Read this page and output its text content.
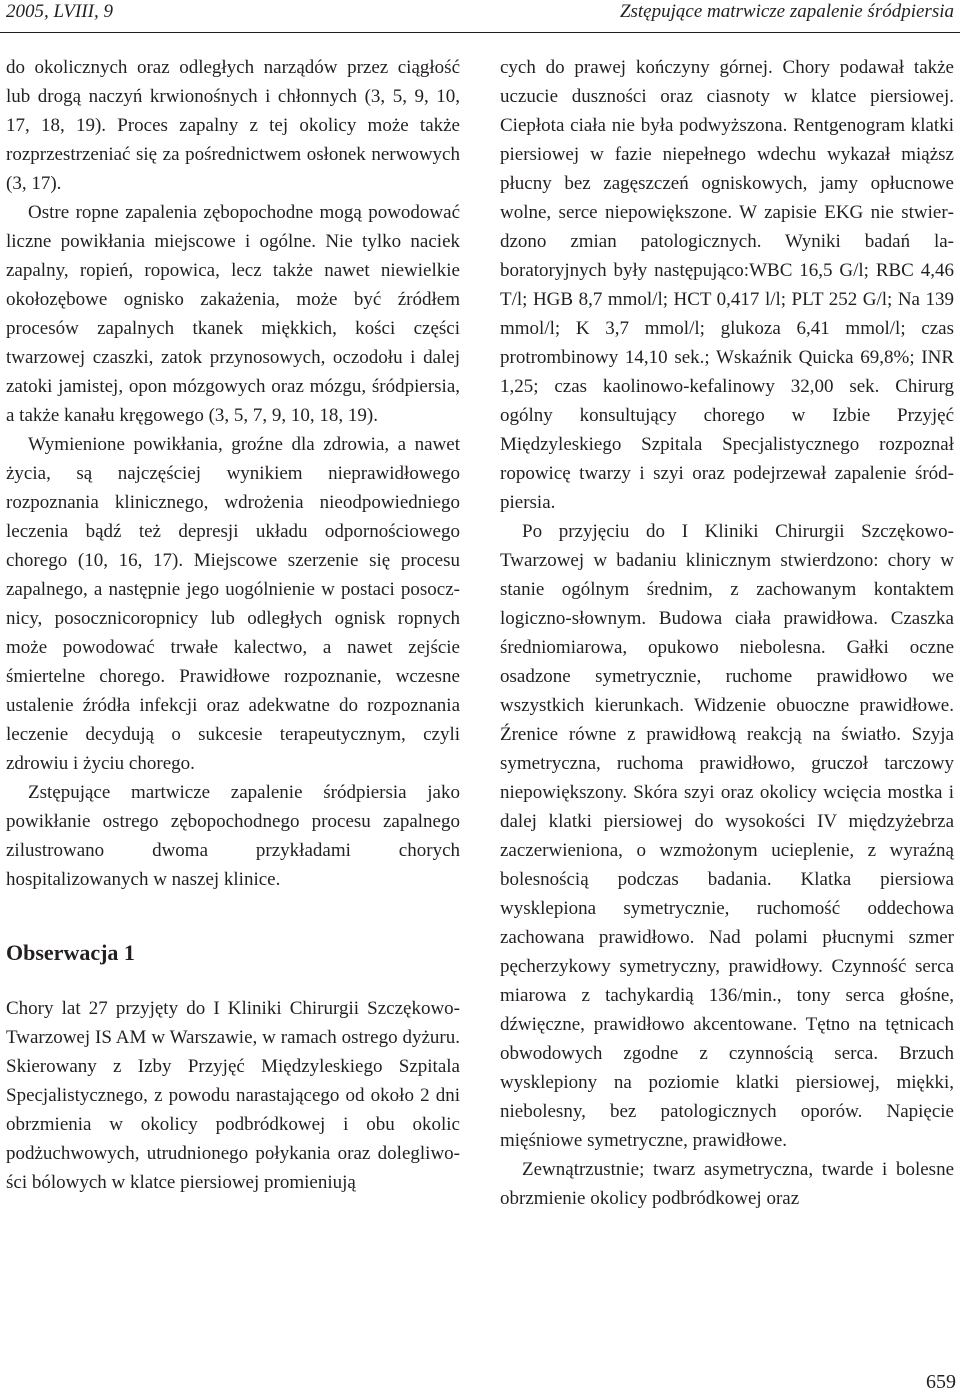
2005, LVIII, 9	Zstępujące matrwicze zapalenie śródpiersia

do okolicznych oraz odległych narządów przez ciągłość lub drogą naczyń krwionośnych i chłonnych (3, 5, 9, 10, 17, 18, 19). Proces zapalny z tej okolicy może także rozprzestrzeniać się za pośrednictwem osłonek nerwowych (3, 17).

Ostre ropne zapalenia zębopochodne mogą powodować liczne powikłania miejscowe i ogólne. Nie tylko naciek zapalny, ropień, ropowica, lecz także nawet niewielkie okołozębowe ognisko zakażenia, może być źródłem procesów zapalnych tkanek miękkich, kości części twarzowej czaszki, zatok przynosowych, oczodołu i dalej zatoki jamistej, opon mózgowych oraz mózgu, śródpiersia, a także kanału kręgowego (3, 5, 7, 9, 10, 18, 19).

Wymienione powikłania, groźne dla zdrowia, a nawet życia, są najczęściej wynikiem nieprawidłowego rozpoznania klinicznego, wdrożenia nieodpowiedniego leczenia bądź też depresji układu odpornościowego chorego (10, 16, 17). Miejscowe szerzenie się procesu zapalnego, a następnie jego uogólnienie w postaci posocznicy, posocznicoropnicy lub odległych ognisk ropnych może powodować trwałe kalectwo, a nawet zejście śmiertelne chorego. Prawidłowe rozpoznanie, wczesne ustalenie źródła infekcji oraz adekwatne do rozpoznania leczenie decydują o sukcesie terapeutycznym, czyli zdrowiu i życiu chorego.

Zstępujące martwicze zapalenie śródpiersia jako powikłanie ostrego zębopochodnego procesu zapalnego zilustrowano dwoma przykładami chorych hospitalizowanych w naszej klinice.

Obserwacja 1

Chory lat 27 przyjęty do I Kliniki Chirurgii Szczękowo-Twarzowej IS AM w Warszawie, w ramach ostrego dyżuru. Skierowany z Izby Przyjęć Międzyleskiego Szpitala Specjalistycznego, z powodu narastającego od około 2 dni obrzmienia w okolicy podbródkowej i obu okolic podżuchwowych, utrudnionego połykania oraz dolegliwości bólowych w klatce piersiowej promieniują

cych do prawej kończyny górnej. Chory podawał także uczucie duszności oraz ciasnoty w klatce piersiowej. Ciepłota ciała nie była podwyższona. Rentgenogram klatki piersiowej w fazie niepełnego wdechu wykazał miąższ płucny bez zagęszczeń ogniskowych, jamy opłucnowe wolne, serce niepowiększone. W zapisie EKG nie stwierdzono zmian patologicznych. Wyniki badań laboratoryjnych były następująco:WBC 16,5 G/l; RBC 4,46 T/l; HGB 8,7 mmol/l; HCT 0,417 l/l; PLT 252 G/l; Na 139 mmol/l; K 3,7 mmol/l; glukoza 6,41 mmol/l; czas protrombinowy 14,10 sek.; Wskaźnik Quicka 69,8%; INR 1,25; czas kaolinowo-kefalinowy 32,00 sek. Chirurg ogólny konsultujący chorego w Izbie Przyjęć Międzyleskiego Szpitala Specjalistycznego rozpoznał ropowicę twarzy i szyi oraz podejrzewał zapalenie śródpiersia.

Po przyjęciu do I Kliniki Chirurgii Szczękowo-Twarzowej w badaniu klinicznym stwierdzono: chory w stanie ogólnym średnim, z zachowanym kontaktem logiczno-słownym. Budowa ciała prawidłowa. Czaszka średniomiarowa, opukowo niebolesna. Gałki oczne osadzone symetrycznie, ruchome prawidłowo we wszystkich kierunkach. Widzenie obuoczne prawidłowe. Źrenice równe z prawidłową reakcją na światło. Szyja symetryczna, ruchoma prawidłowo, gruczoł tarczowy niepowiększony. Skóra szyi oraz okolicy wcięcia mostka i dalej klatki piersiowej do wysokości IV międzyżebrza zaczerwieniona, o wzmożonym ucieplenie, z wyraźną bolesnością podczas badania. Klatka piersiowa wysklepiona symetrycznie, ruchomość oddechowa zachowana prawidłowo. Nad polami płucnymi szmer pęcherzykowy symetryczny, prawidłowy. Czynność serca miarowa z tachykardią 136/min., tony serca głośne, dźwięczne, prawidłowo akcentowane. Tętno na tętnicach obwodowych zgodne z czynnością serca. Brzuch wysklepiony na poziomie klatki piersiowej, miękki, niebolesny, bez patologicznych oporów. Napięcie mięśniowe symetryczne, prawidłowe.

Zewnątrzustnie; twarz asymetryczna, twarde i bolesne obrzmienie okolicy podbródkowej oraz

659
